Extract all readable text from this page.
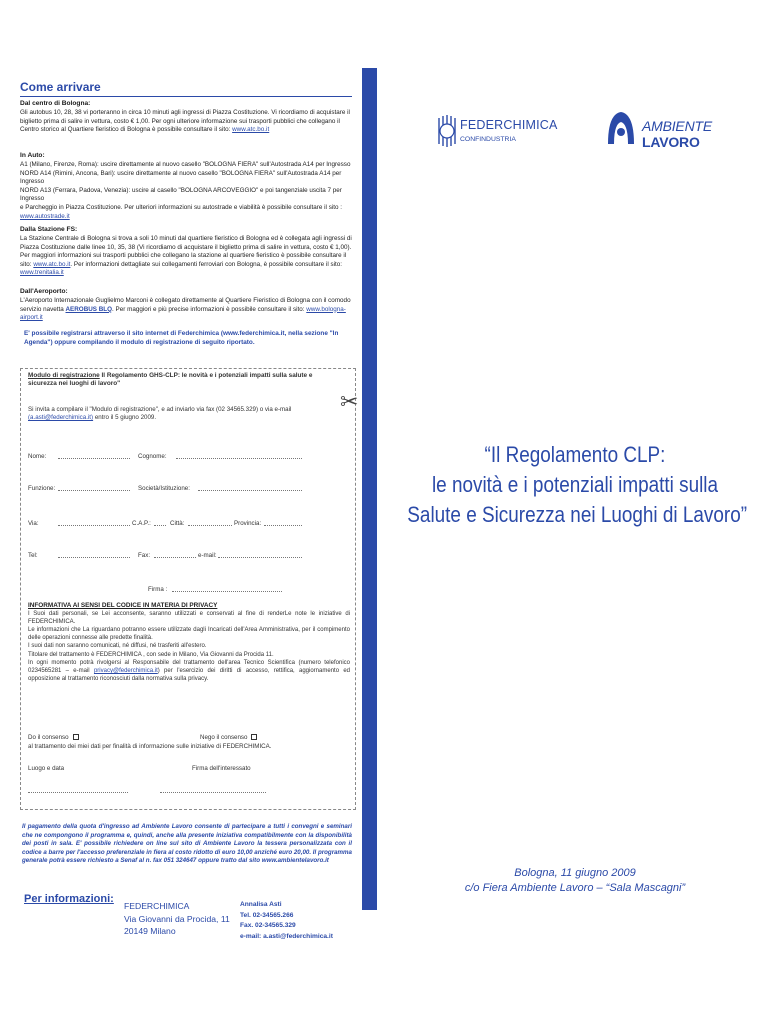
Come arrivare
Dal centro di Bologna:
Gli autobus 10, 28, 38 vi porteranno in circa 10 minuti agli ingressi di Piazza Costituzione. Vi ricordiamo di acquistare il biglietto prima di salire in vettura, costo € 1,00. Per ogni ulteriore informazione sui trasporti pubblici che collegano il Centro storico al Quartiere fieristico di Bologna è possibile consultare il sito: www.atc.bo.it
In Auto:
A1 (Milano, Firenze, Roma): uscire direttamente al nuovo casello "BOLOGNA FIERA" sull'Autostrada A14 per Ingresso
NORD A14 (Rimini, Ancona, Bari): uscire direttamente al nuovo casello "BOLOGNA FIERA" sull'Autostrada A14 per Ingresso
NORD A13 (Ferrara, Padova, Venezia): uscire al casello "BOLOGNA ARCOVEGGIO" e poi tangenziale uscita 7 per Ingresso
e Parcheggio in Piazza Costituzione. Per ulteriori informazioni su autostrade e viabilità è possibile consultare il sito :
www.autostrade.it
Dalla Stazione FS:
La Stazione Centrale di Bologna si trova a soli 10 minuti dal quartiere fieristico di Bologna ed è collegata agli ingressi di Piazza Costituzione dalle linee 10, 35, 38 (Vi ricordiamo di acquistare il biglietto prima di salire in vettura, costo € 1,00). Per maggiori informazioni sui trasporti pubblici che collegano la stazione al quartiere fieristico è possibile consultare il sito: www.atc.bo.it. Per informazioni dettagliate sui collegamenti ferroviari con Bologna, è possibile consultare il sito: www.trenitalia.it
Dall'Aeroporto:
L'Aeroporto Internazionale Guglielmo Marconi è collegato direttamente al Quartiere Fieristico di Bologna con il comodo servizio navetta AEROBUS BLQ. Per maggiori e più precise informazioni è possibile consultare il sito: www.bologna-airport.it
E' possibile registrarsi attraverso il sito internet di Federchimica (www.federchimica.it, nella sezione "In Agenda") oppure compilando il modulo di registrazione di seguito riportato.
✂
Modulo di registrazione Il Regolamento GHS-CLP: le novità e i potenziali impatti sulla salute e sicurezza nei luoghi di lavoro"
Si invita a compilare il "Modulo di registrazione", e ad inviarlo via fax (02 34565.329) o via e-mail
(a.asti@federchimica.it) entro il 5 giugno 2009.
Nome:	Cognome:
Funzione:	Società/Istituzione:
Via:	C.A.P.:	Città:	Provincia:
Tel:	Fax:	e-mail:
Firma :
INFORMATIVA AI SENSI DEL CODICE IN MATERIA DI PRIVACY
I Suoi dati personali, se Lei acconsente, saranno utilizzati e conservati al fine di renderLe note le iniziative di FEDERCHIMICA.
Le informazioni che La riguardano potranno essere utilizzate dagli Incaricati dell'Area Amministrativa, per il compimento delle operazioni connesse alle predette finalità.
I suoi dati non saranno comunicati, né diffusi, né trasferiti all'estero.
Titolare del trattamento è FEDERCHIMICA , con sede in Milano, Via Giovanni da Procida 11.
In ogni momento potrà rivolgersi al Responsabile del trattamento dell'area Tecnico Scientifica (numero telefonico 0234565281 – e-mail privacy@federchimica.it) per l'esercizio dei diritti di accesso, rettifica, aggiornamento ed opposizione al trattamento riconosciuti dalla normativa sulla privacy.
Do il consenso	Nego il consenso
al trattamento dei miei dati per finalità di informazione sulle iniziative di FEDERCHIMICA.
Luogo e data	Firma dell'interessato
Il pagamento della quota d'ingresso ad Ambiente Lavoro consente di partecipare a tutti i convegni e seminari che ne compongono il programma e, quindi, anche alla presente iniziativa compatibilmente con la disponibilità dei posti in sala. E' possibile richiedere on line sul sito di Ambiente Lavoro la tessera personalizzata con il codice a barre per l'accesso preferenziale in fiera al costo ridotto di euro 10,00 anziché euro 20,00. Il programma generale potrà essere richiesto a Senaf al n. fax 051 324647 oppure tratto dal sito www.ambientelavoro.it
Per informazioni:
FEDERCHIMICA
Via Giovanni da Procida, 11
20149 Milano
Annalisa Asti
Tel. 02-34565.266
Fax. 02-34565.329
e-mail: a.asti@federchimica.it
FEDERCHIMICA
CONFINDUSTRIA
AMBIENTE LAVORO
“Il Regolamento CLP:
le novità e i potenziali impatti sulla
Salute e Sicurezza nei Luoghi di Lavoro”
Bologna, 11 giugno 2009
c/o Fiera Ambiente Lavoro – “Sala Mascagni”
